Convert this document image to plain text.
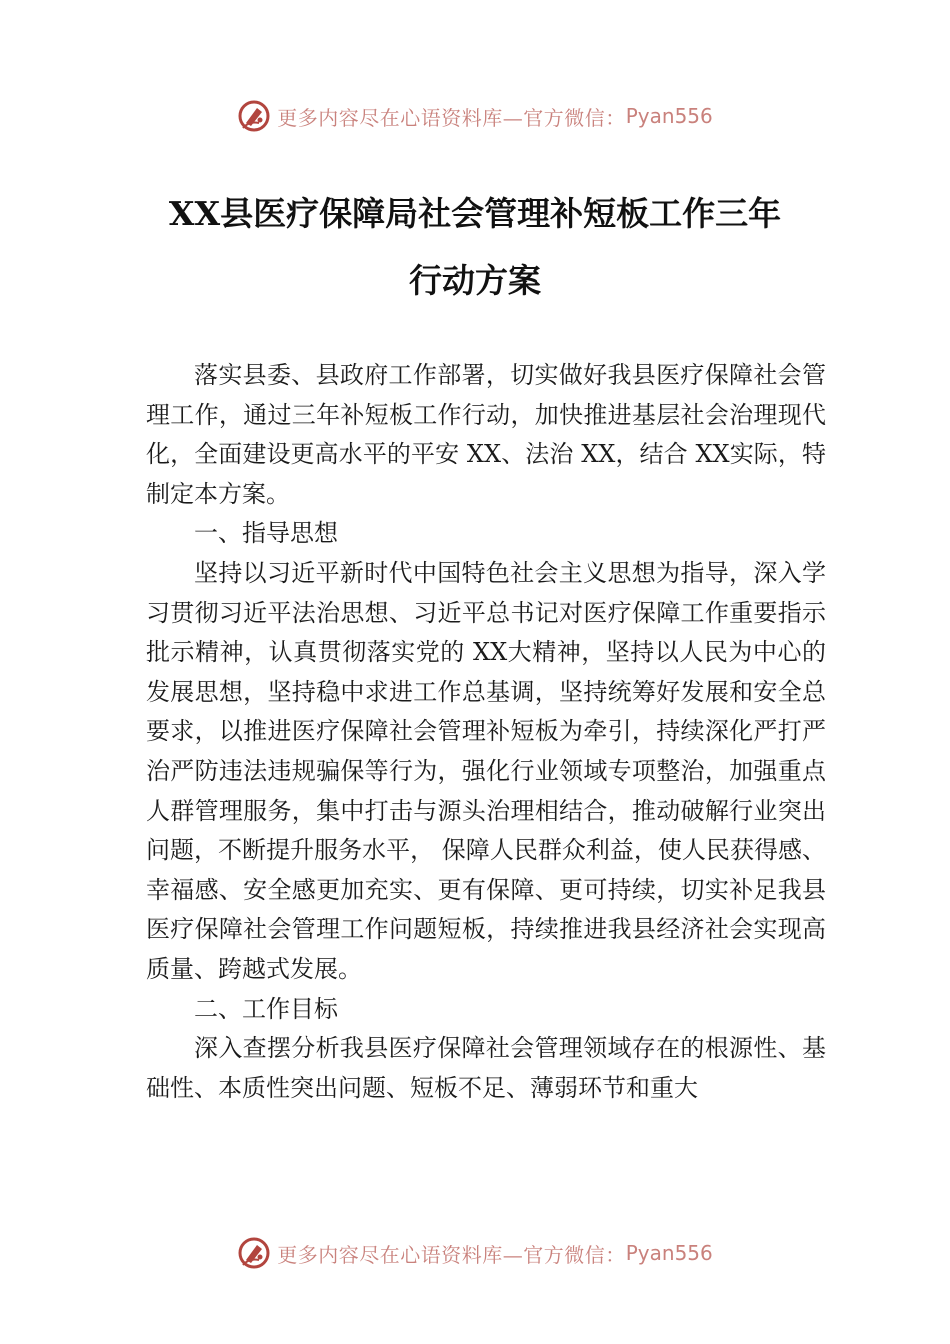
更多内容尽在心语资料库—官方微信： Pyan556
XX县医疗保障局社会管理补短板工作三年
行动方案

落实县委、县政府工作部署，切实做好我县医疗保障社会管理工作，通过三年补短板工作行动，加快推进基层社会治理现代化，全面建设更高水平的平安 XX、法治 XX，结合 XX实际，特制定本方案。

一、指导思想

坚持以习近平新时代中国特色社会主义思想为指导，深入学习贯彻习近平法治思想、习近平总书记对医疗保障工作重要指示批示精神，认真贯彻落实党的 XX大精神，坚持以人民为中心的发展思想，坚持稳中求进工作总基调，坚持统筹好发展和安全总要求，以推进医疗保障社会管理补短板为牵引，持续深化严打严治严防违法违规骗保等行为，强化行业领域专项整治，加强重点人群管理服务，集中打击与源头治理相结合，推动破解行业突出问题，不断提升服务水平， 保障人民群众利益，使人民获得感、幸福感、安全感更加充实、更有保障、更可持续，切实补足我县医疗保障社会管理工作问题短板，持续推进我县经济社会实现高质量、跨越式发展。

二、工作目标

深入查摆分析我县医疗保障社会管理领域存在的根源性、基础性、本质性突出问题、短板不足、薄弱环节和重大

更多内容尽在心语资料库—官方微信： Pyan556
